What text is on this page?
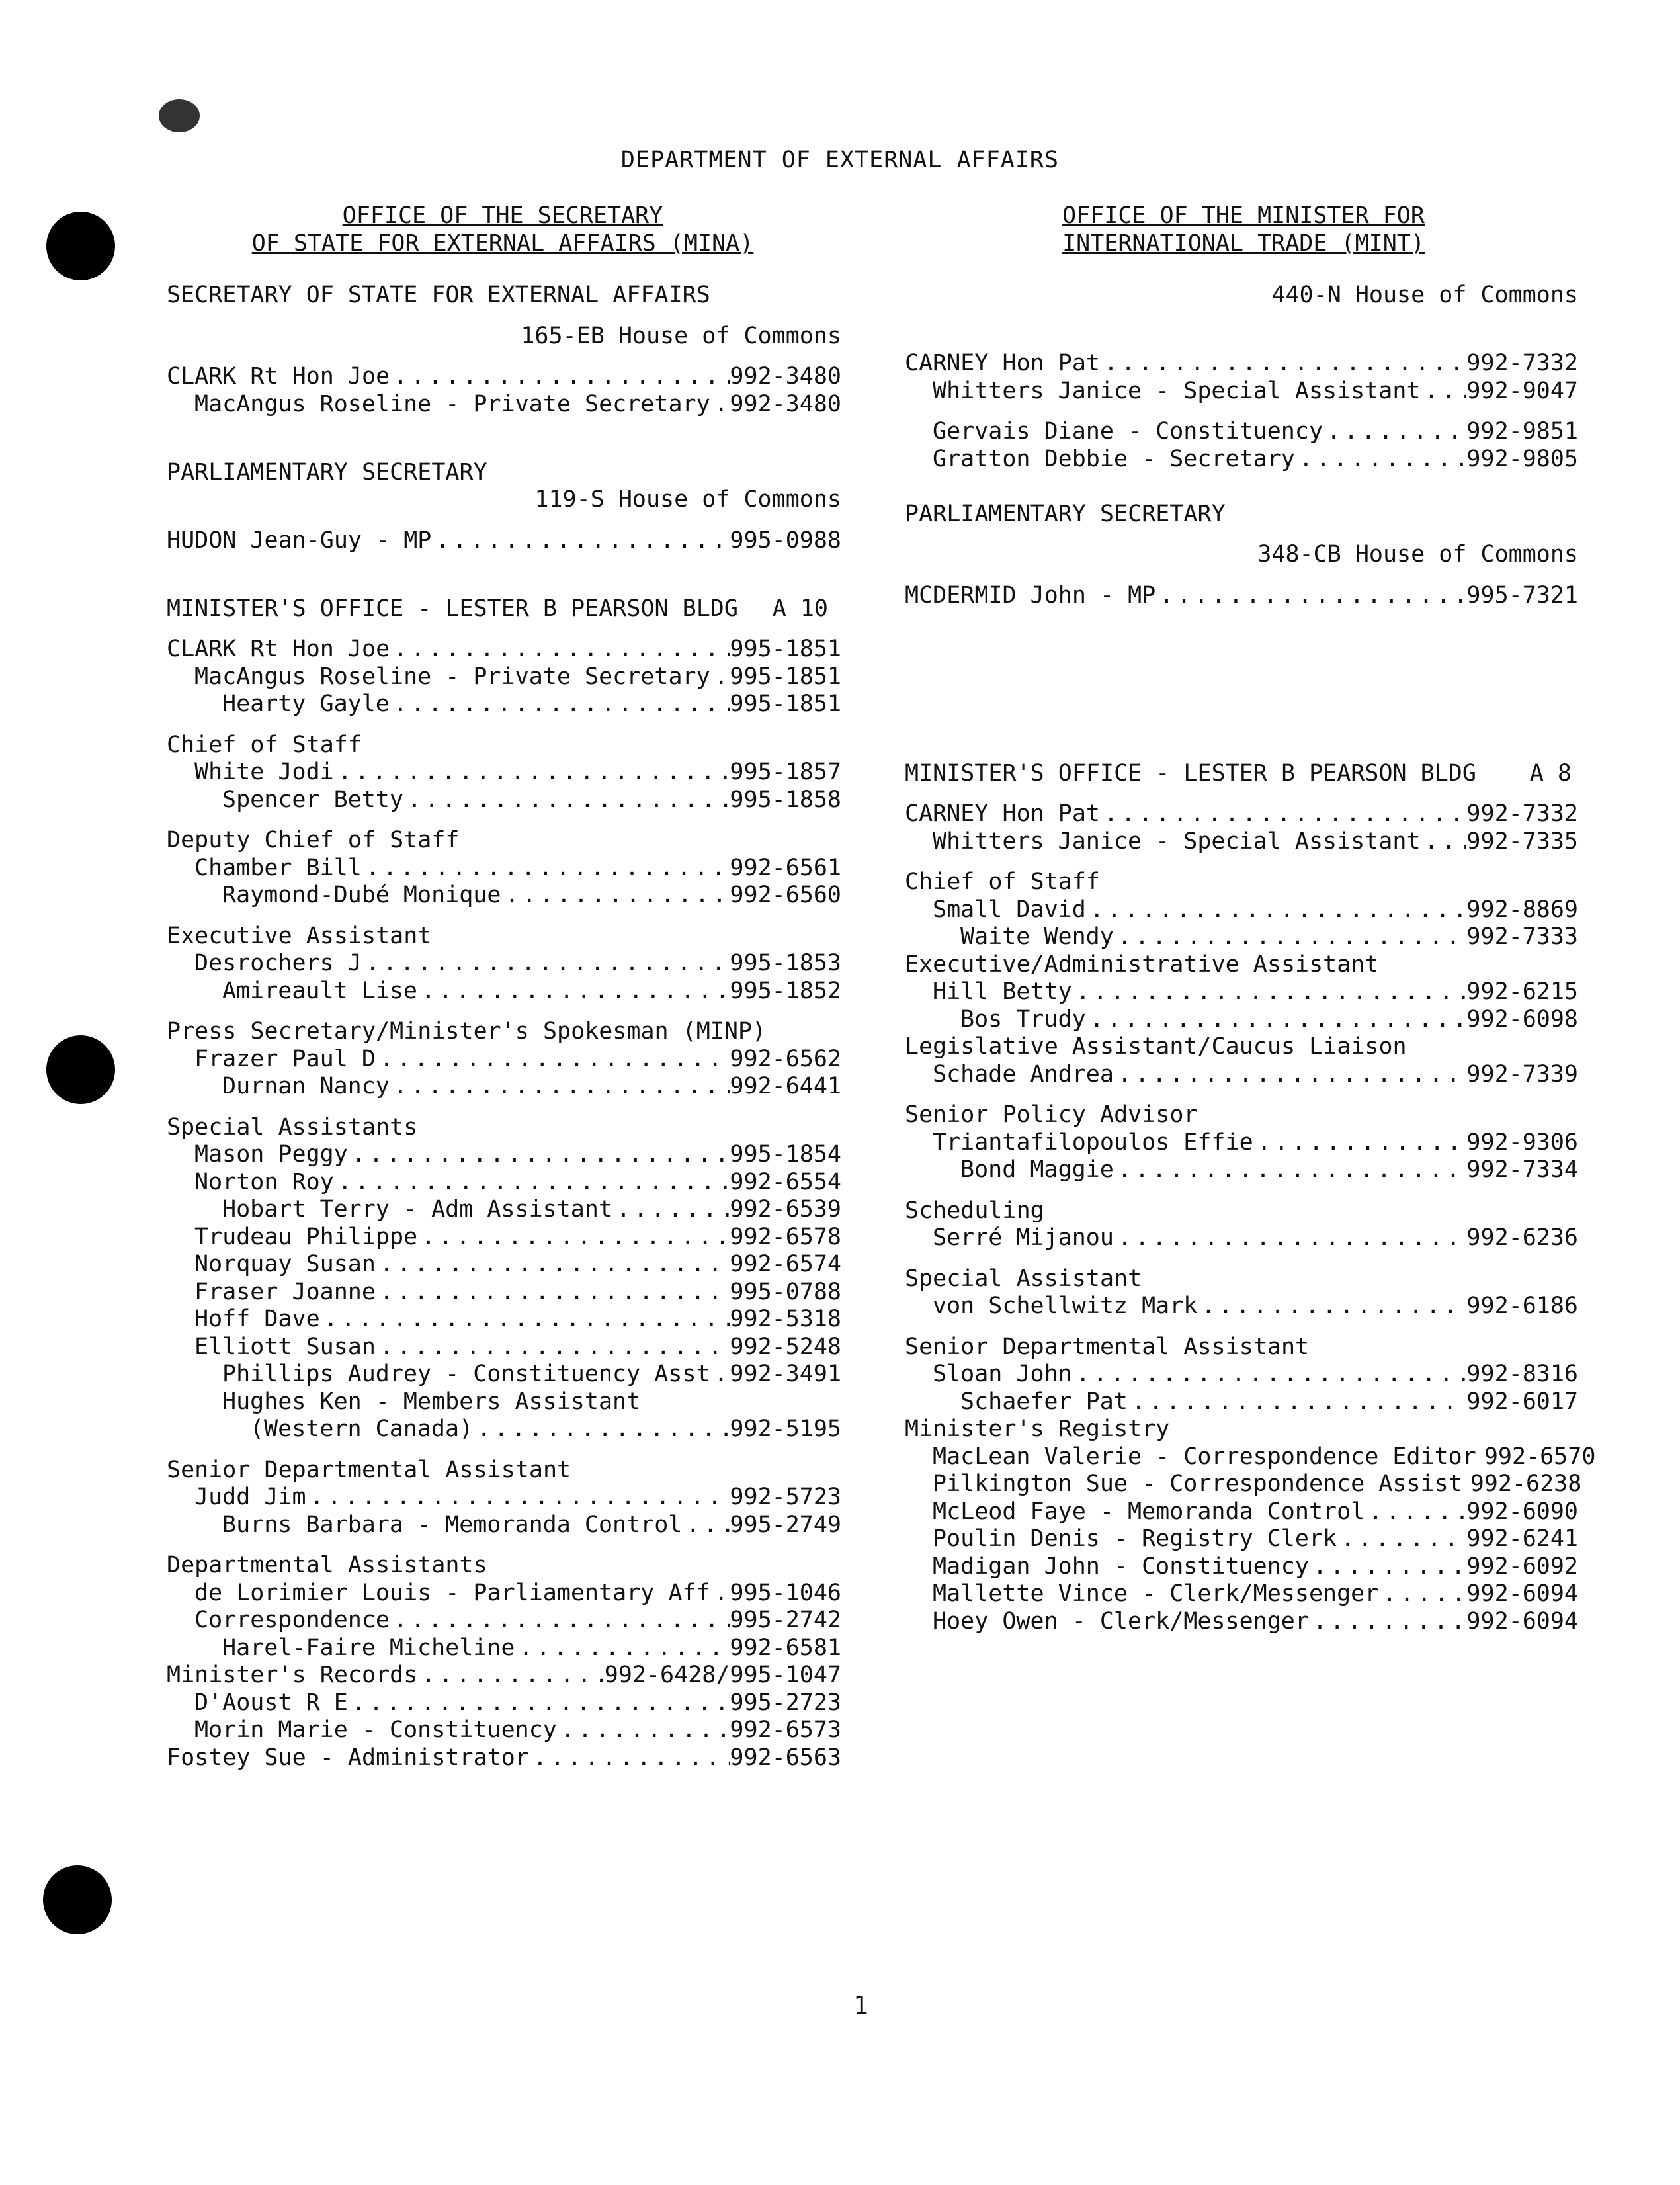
DEPARTMENT OF EXTERNAL AFFAIRS
OFFICE OF THE SECRETARY
OF STATE FOR EXTERNAL AFFAIRS (MINA)
OFFICE OF THE MINISTER FOR
INTERNATIONAL TRADE (MINT)
SECRETARY OF STATE FOR EXTERNAL AFFAIRS
165-EB House of Commons
CLARK Rt Hon Joe . . .	992-3480
MacAngus Roseline - Private Secretary . . . 992-3480
PARLIAMENTARY SECRETARY
119-S House of Commons
HUDON Jean-Guy - MP . . .	995-0988
MINISTER'S OFFICE - LESTER B PEARSON BLDG A 10
CLARK Rt Hon Joe . . .	995-1851
MacAngus Roseline - Private Secretary . . . 995-1851
Hearty Gayle . . .	995-1851
Chief of Staff
White Jodi . . .	995-1857
Spencer Betty . . .	995-1858
Deputy Chief of Staff
Chamber Bill . . .	992-6561
Raymond-Dubé Monique . . .	992-6560
Executive Assistant
Desrochers J . . .	995-1853
Amireault Lise . . .	995-1852
Press Secretary/Minister's Spokesman (MINP)
Frazer Paul D . . .	992-6562
Durnan Nancy . . .	992-6441
Special Assistants
Mason Peggy . . .	995-1854
Norton Roy . . .	992-6554
Hobart Terry - Adm Assistant . . .	992-6539
Trudeau Philippe . . .	992-6578
Norquay Susan . . .	992-6574
Fraser Joanne . . .	995-0788
Hoff Dave . . .	992-5318
Elliott Susan . . .	992-5248
Phillips Audrey - Constituency Asst . . . 992-3491
Hughes Ken - Members Assistant
(Western Canada) . . .	992-5195
Senior Departmental Assistant
Judd Jim . . .	992-5723
Burns Barbara - Memoranda Control . . . 995-2749
Departmental Assistants
de Lorimier Louis - Parliamentary Aff . . . 995-1046
Correspondence . . .	995-2742
Harel-Faire Micheline . . .	992-6581
Minister's Records . . .	992-6428/995-1047
D'Aoust R E . . .	995-2723
Morin Marie - Constituency . . .	992-6573
Fostey Sue - Administrator . . .	992-6563
440-N House of Commons
CARNEY Hon Pat . . .	992-7332
Whitters Janice - Special Assistant . . . 992-9047
Gervais Diane - Constituency . . .	992-9851
Gratton Debbie - Secretary . . .	992-9805
PARLIAMENTARY SECRETARY
348-CB House of Commons
MCDERMID John - MP . . .	995-7321
MINISTER'S OFFICE - LESTER B PEARSON BLDG A 8
CARNEY Hon Pat . . .	992-7332
Whitters Janice - Special Assistant . . . 992-7335
Chief of Staff
Small David . . .	992-8869
Waite Wendy . . .	992-7333
Executive/Administrative Assistant
Hill Betty . . .	992-6215
Bos Trudy . . .	992-6098
Legislative Assistant/Caucus Liaison
Schade Andrea . . .	992-7339
Senior Policy Advisor
Triantafilopoulos Effie . . .	992-9306
Bond Maggie . . .	992-7334
Scheduling
Serré Mijanou . . .	992-6236
Special Assistant
von Schellwitz Mark . . .	992-6186
Senior Departmental Assistant
Sloan John . . .	992-8316
Schaefer Pat . . .	992-6017
Minister's Registry
MacLean Valerie - Correspondence Editor . . . 992-6570
Pilkington Sue - Correspondence Assist . . . 992-6238
McLeod Faye - Memoranda Control . . .	992-6090
Poulin Denis - Registry Clerk . . .	992-6241
Madigan John - Constituency . . .	992-6092
Mallette Vince - Clerk/Messenger . . .	992-6094
Hoey Owen - Clerk/Messenger . . .	992-6094
1
